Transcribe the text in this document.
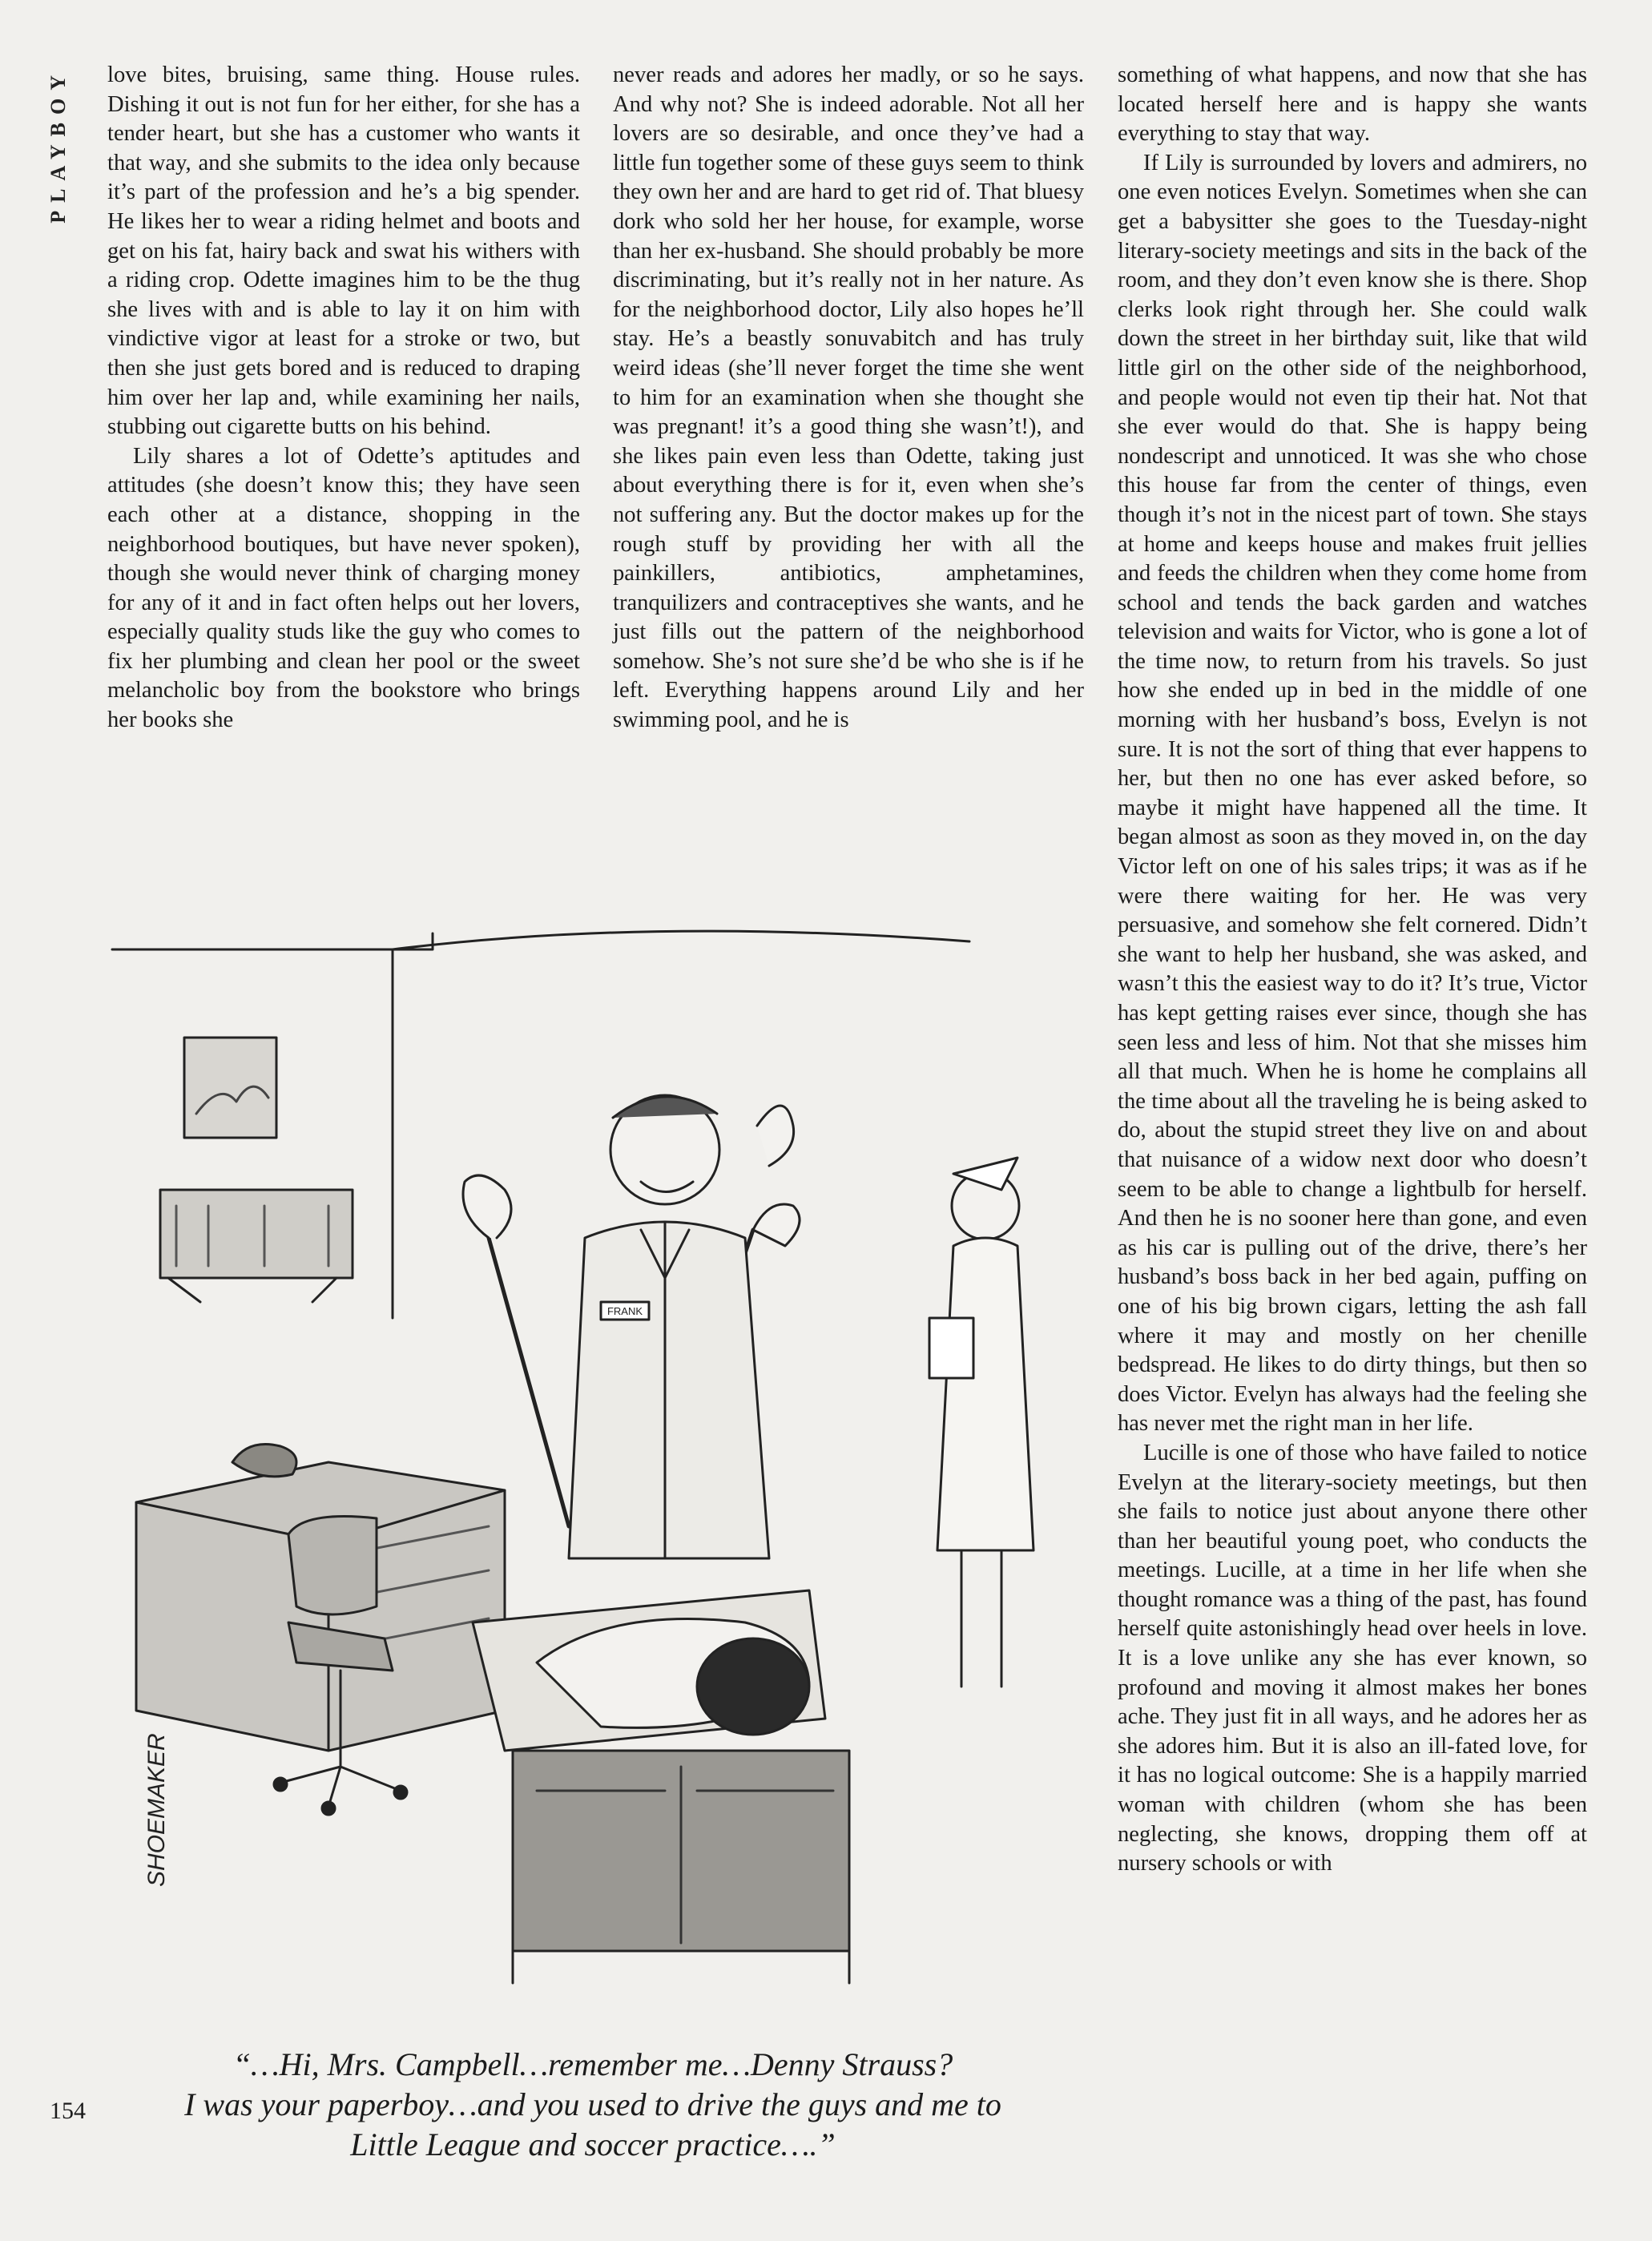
PLAYBOY	love bites, bruising, same thing. House rules. Dishing it out is not fun for her either, for she has a tender heart, but she has a customer who wants it that way, and she submits to the idea only because it’s part of the profession and he’s a big spender. He likes her to wear a riding helmet and boots and get on his fat, hairy back and swat his withers with a riding crop. Odette imagines him to be the thug she lives with and is able to lay it on him with vindictive vigor at least for a stroke or two, but then she just gets bored and is reduced to draping him over her lap and, while examining her nails, stubbing out cigarette butts on his behind.

Lily shares a lot of Odette’s aptitudes and attitudes (she doesn’t know this; they have seen each other at a distance, shopping in the neighborhood boutiques, but have never spoken), though she would never think of charging money for any of it and in fact often helps out her lovers, especially quality studs like the guy who comes to fix her plumbing and clean her pool or the sweet melancholic boy from the bookstore who brings her books she

never reads and adores her madly, or so he says. And why not? She is indeed adorable. Not all her lovers are so desirable, and once they’ve had a little fun together some of these guys seem to think they own her and are hard to get rid of. That bluesy dork who sold her her house, for example, worse than her ex-husband. She should probably be more discriminating, but it’s really not in her nature. As for the neighborhood doctor, Lily also hopes he’ll stay. He’s a beastly sonuvabitch and has truly weird ideas (she’ll never forget the time she went to him for an examination when she thought she was pregnant! it’s a good thing she wasn’t!), and she likes pain even less than Odette, taking just about everything there is for it, even when she’s not suffering any. But the doctor makes up for the rough stuff by providing her with all the painkillers, antibiotics, amphetamines, tranquilizers and contraceptives she wants, and he just fills out the pattern of the neighborhood somehow. She’s not sure she’d be who she is if he left. Everything happens around Lily and her swimming pool, and he is

something of what happens, and now that she has located herself here and is happy she wants everything to stay that way.

If Lily is surrounded by lovers and admirers, no one even notices Evelyn. Sometimes when she can get a babysitter she goes to the Tuesday-night literary-society meetings and sits in the back of the room, and they don’t even know she is there. Shop clerks look right through her. She could walk down the street in her birthday suit, like that wild little girl on the other side of the neighborhood, and people would not even tip their hat. Not that she ever would do that. She is happy being nondescript and unnoticed. It was she who chose this house far from the center of things, even though it’s not in the nicest part of town. She stays at home and keeps house and makes fruit jellies and feeds the children when they come home from school and tends the back garden and watches television and waits for Victor, who is gone a lot of the time now, to return from his travels. So just how she ended up in bed in the middle of one morning with her husband’s boss, Evelyn is not sure. It is not the sort of thing that ever happens to her, but then no one has ever asked before, so maybe it might have happened all the time. It began almost as soon as they moved in, on the day Victor left on one of his sales trips; it was as if he were there waiting for her. He was very persuasive, and somehow she felt cornered. Didn’t she want to help her husband, she was asked, and wasn’t this the easiest way to do it? It’s true, Victor has kept getting raises ever since, though she has seen less and less of him. Not that she misses him all that much. When he is home he complains all the time about all the traveling he is being asked to do, about the stupid street they live on and about that nuisance of a widow next door who doesn’t seem to be able to change a lightbulb for herself. And then he is no sooner here than gone, and even as his car is pulling out of the drive, there’s her husband’s boss back in her bed again, puffing on one of his big brown cigars, letting the ash fall where it may and mostly on her chenille bedspread. He likes to do dirty things, but then so does Victor. Evelyn has always had the feeling she has never met the right man in her life.

Lucille is one of those who have failed to notice Evelyn at the literary-society meetings, but then she fails to notice just about anyone there other than her beautiful young poet, who conducts the meetings. Lucille, at a time in her life when she thought romance was a thing of the past, has found herself quite astonishingly head over heels in love. It is a love unlike any she has ever known, so profound and moving it almost makes her bones ache. They just fit in all ways, and he adores her as she adores him. But it is also an ill-fated love, for it has no logical outcome: She is a happily married woman with children (whom she has been neglecting, she knows, dropping them off at nursery schools or with

FRANK
SHOEMAKER
“…Hi, Mrs. Campbell…remember me…Denny Strauss?
I was your paperboy…and you used to drive the guys and me to
Little League and soccer practice….”
154
